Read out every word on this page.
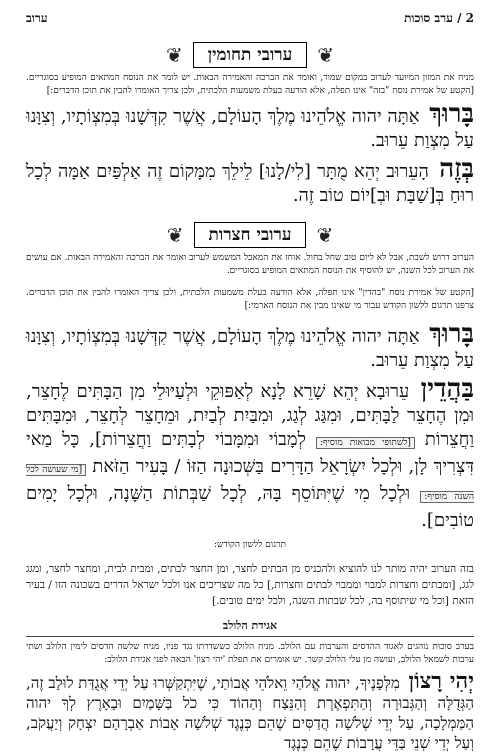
2 / ערב סוכות
ערוב
❦
ערובי תחומין
❦

מניח את המזון המיועד לערוב במקום שמור, ואומר את הברכה והאמירה הבאות. יש לומר את הנוסח המתאים המופיע בסוגריים. [הקטע של אמירת נוסח "בזה" אינו תפלה, אלא הודעה בעלת משמעות הלכתית, ולכן צריך האומרו להבין את תוכן הדברים:]

בָּרוּךְ אַתָּה יהוה אֱלֹהֵינוּ מֶלֶךְ הָעוֹלָם, אֲשֶׁר קִדְּשָׁנוּ בְּמִצְוֹתָיו, וְצִוָּנוּ עַל מִצְוַת עֵרוּב.

בְּזֶה הָעֵרוּב יְהֵא מֻתָּר [לִי/לָנוּ] לֵילֵךְ מִמָּקוֹם זֶה אַלְפַּיִם אַמָּה לְכָל רוּחַ בְּ[שַׁבָּת וּבְ]יוֹם טוֹב זֶה.

❦
ערובי חצרות
❦

הערוב דרוש לשבת, אבל לא ליום טוב שחל בחול. אוחז את המאכל המשמש לערוב ואומר את הברכה והאמירה הבאות. אם עושים את הערוב לכל השנה, יש להוסיף את הנוסח המתאים המופיע בסוגריים.

[הקטע של אמירת נוסח "בהדין" אינו תפלה, אלא הודעה בעלת משמעות הלכתית, ולכן צריך האומרו להבין את תוכן הדברים. צרפנו תרגום ללשון הקודש עבור מי שאינו מבין את הנוסח הארמי:]

בָּרוּךְ אַתָּה יהוה אֱלֹהֵינוּ מֶלֶךְ הָעוֹלָם, אֲשֶׁר קִדְּשָׁנוּ בְּמִצְוֹתָיו, וְצִוָּנוּ עַל מִצְוַת עֵרוּב.

בַּהֲדֵין עֵרוּבָא יְהֵא שָׁרֵא לָנָא לְאַפּוּקֵי וּלְעַיּוּלֵי מִן הַבָּתִּים לֶחָצֵר, וּמִן הֶחָצֵר לַבָּתִּים, וּמִגַּג לְגַג, וּמִבַּיִת לְבַיִת, וּמֵחָצֵר לְחָצֵר, וּמִבָּתִּים וַחֲצֵרוֹת [לשתופי מבואות מוסיף: לְמָבוֹי וּמִמָּבוֹי לְבָתִּים וַחֲצֵרוֹת], כָּל מַאי דִּצְרִיךְ לָן, וּלְכָל יִשְׂרָאֵל הַדָּרִים בַּשְּׁכוּנָה הַזּוֹ / בָּעִיר הַזֹּאת [מי שעושה לכל השנה מוסיף: וּלְכָל מִי שֶׁיִּתּוֹסֵף בָּהּ, לְכָל שַׁבְּתוֹת הַשָּׁנָה, וּלְכָל יָמִים טוֹבִים].

תרגום ללשון הקודש:

בזה הערוב יהיה מותר לנו להוציא ולהכניס מן הבתים לחצר, ומן החצר לבתים, ומבית לבית, ומחצר לחצר, ומגג לגג, [ומבתים וחצרות למבוי וממבוי לבתים וחצרות,] כל מה שצריכים אנו ולכל ישראל הדרים בשכונה הזו / בעיר הזאת [וכל מי שיתוסף בה, לכל שבתות השנה, ולכל ימים טובים.]

אגידת הלולב

בערב סוכות נוהגים לאגוד ההדסים והערבות עם הלולב. מניח הלולב כששדרתו נגד פניו, מניח שלשה הדסים לימין הלולב ושתי ערבות לשמאל הלולב, ועושה מן עלי הלולב קשר. יש אומרים את תפלת 'יהי רצון' הבאה לפני אגידת הלולב:

יְהִי רָצוֹן מִלְּפָנֶיךָ, יהוה אֱלֹהַי וֵאלֹהֵי אֲבוֹתַי, שֶׁיִּתְקַשְּׁרוּ עַל יְדֵי אֲגֻדַּת לוּלָב זֶה, הַגְּדֻלָּה וְהַגְּבוּרָה וְהַתִּפְאֶרֶת וְהַנֵּצַח וְהַהוֹד כִּי כֹל בַּשָּׁמַיִם וּבָאָרֶץ לְךָ יהוה הַמַּמְלָכָה, עַל יְדֵי שְׁלֹשָׁה הֲדַסִּים שֶׁהֵם כְּנֶגֶד שְׁלֹשָׁה אָבוֹת אַבְרָהָם יִצְחָק וְיַעֲקֹב, וְעַל יְדֵי שְׁנֵי בַּדֵּי עֲרָבוֹת שֶׁהֵם כְּנֶגֶד
